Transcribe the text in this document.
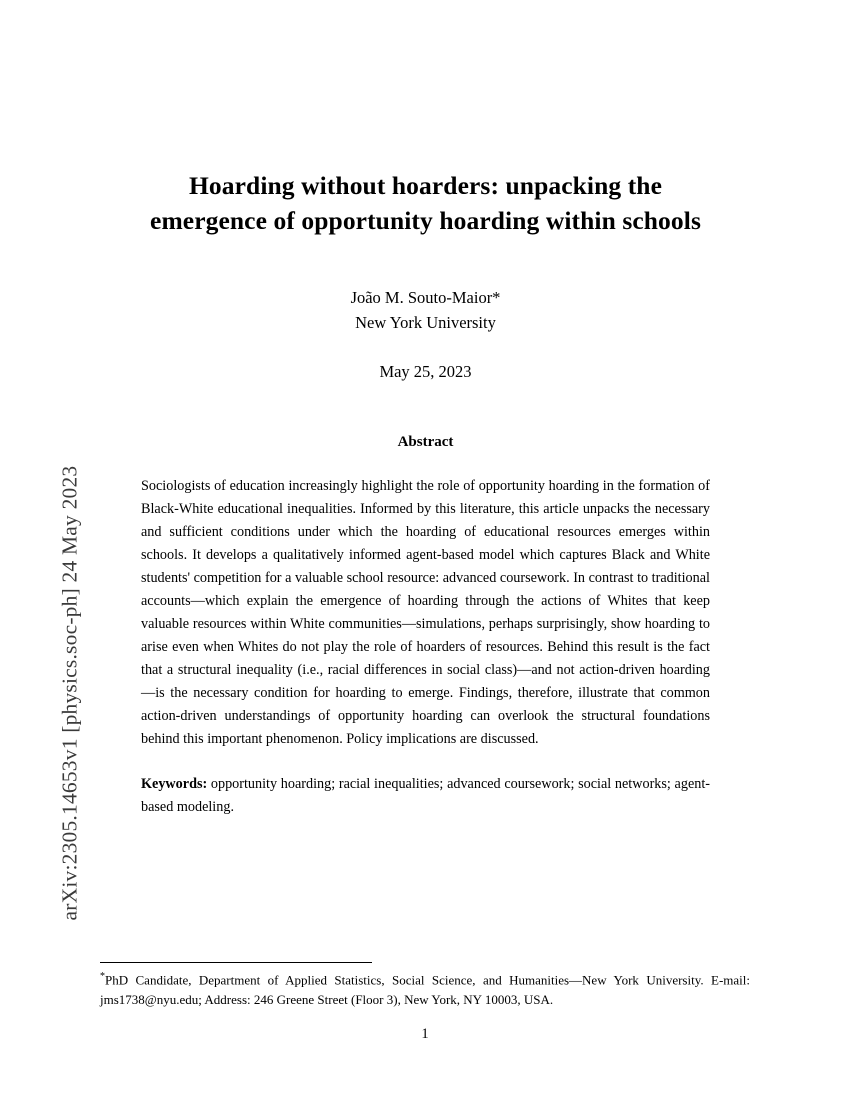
arXiv:2305.14653v1 [physics.soc-ph] 24 May 2023
Hoarding without hoarders: unpacking the emergence of opportunity hoarding within schools
João M. Souto-Maior*
New York University
May 25, 2023
Abstract
Sociologists of education increasingly highlight the role of opportunity hoarding in the formation of Black-White educational inequalities. Informed by this literature, this article unpacks the necessary and sufficient conditions under which the hoarding of educational resources emerges within schools. It develops a qualitatively informed agent-based model which captures Black and White students' competition for a valuable school resource: advanced coursework. In contrast to traditional accounts—which explain the emergence of hoarding through the actions of Whites that keep valuable resources within White communities—simulations, perhaps surprisingly, show hoarding to arise even when Whites do not play the role of hoarders of resources. Behind this result is the fact that a structural inequality (i.e., racial differences in social class)—and not action-driven hoarding—is the necessary condition for hoarding to emerge. Findings, therefore, illustrate that common action-driven understandings of opportunity hoarding can overlook the structural foundations behind this important phenomenon. Policy implications are discussed.
Keywords: opportunity hoarding; racial inequalities; advanced coursework; social networks; agent-based modeling.
*PhD Candidate, Department of Applied Statistics, Social Science, and Humanities—New York University. E-mail: jms1738@nyu.edu; Address: 246 Greene Street (Floor 3), New York, NY 10003, USA.
1
